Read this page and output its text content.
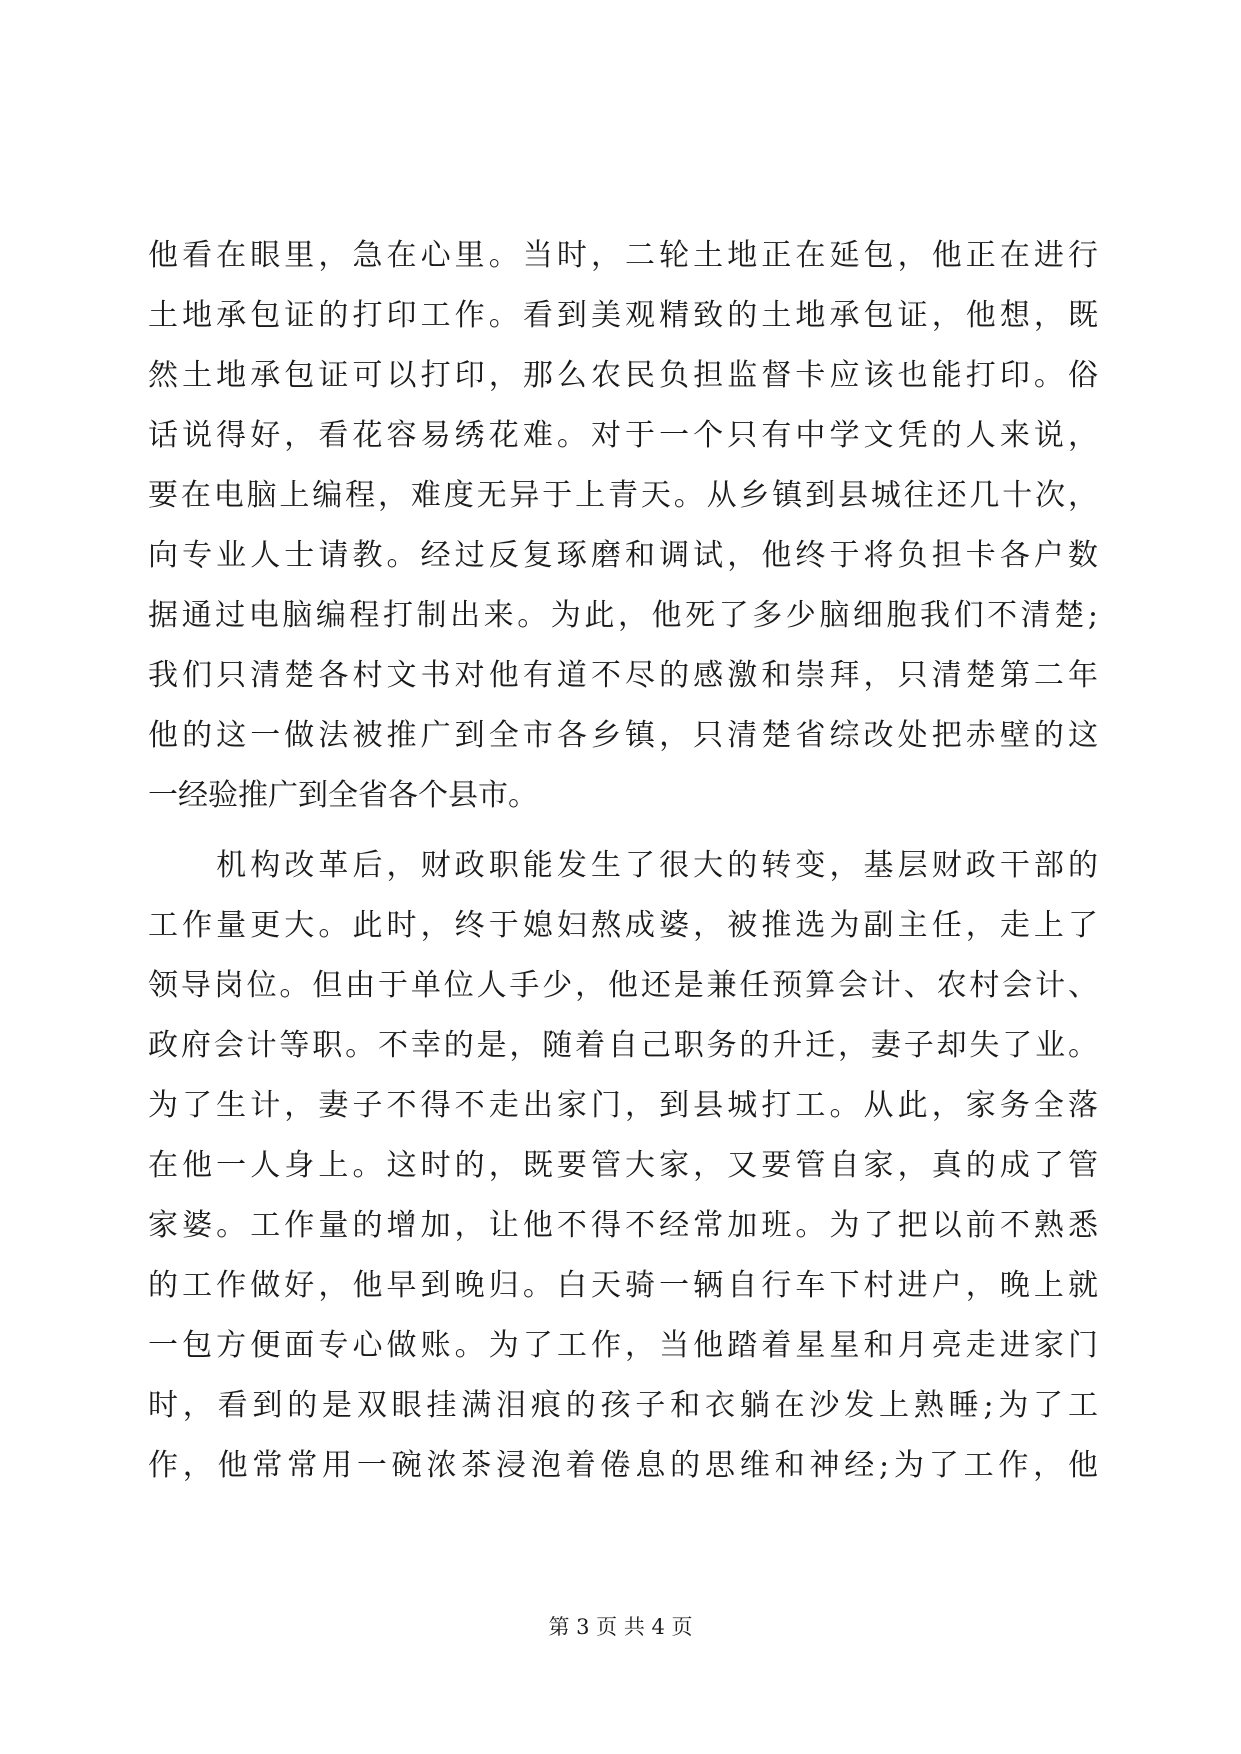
他看在眼里，急在心里。当时，二轮土地正在延包，他正在进行
土地承包证的打印工作。看到美观精致的土地承包证，他想，既
然土地承包证可以打印，那么农民负担监督卡应该也能打印。俗
话说得好，看花容易绣花难。对于一个只有中学文凭的人来说，
要在电脑上编程，难度无异于上青天。从乡镇到县城往还几十次，
向专业人士请教。经过反复琢磨和调试，他终于将负担卡各户数
据通过电脑编程打制出来。为此，他死了多少脑细胞我们不清楚;
我们只清楚各村文书对他有道不尽的感激和崇拜，只清楚第二年
他的这一做法被推广到全市各乡镇，只清楚省综改处把赤壁的这
一经验推广到全省各个县市。
　　机构改革后，财政职能发生了很大的转变，基层财政干部的
工作量更大。此时，终于媳妇熬成婆，被推选为副主任，走上了
领导岗位。但由于单位人手少，他还是兼任预算会计、农村会计、
政府会计等职。不幸的是，随着自己职务的升迁，妻子却失了业。
为了生计，妻子不得不走出家门，到县城打工。从此，家务全落
在他一人身上。这时的，既要管大家，又要管自家，真的成了管
家婆。工作量的增加，让他不得不经常加班。为了把以前不熟悉
的工作做好，他早到晚归。白天骑一辆自行车下村进户，晚上就
一包方便面专心做账。为了工作，当他踏着星星和月亮走进家门
时，看到的是双眼挂满泪痕的孩子和衣躺在沙发上熟睡;为了工
作，他常常用一碗浓茶浸泡着倦息的思维和神经;为了工作，他
第 3 页 共 4 页
